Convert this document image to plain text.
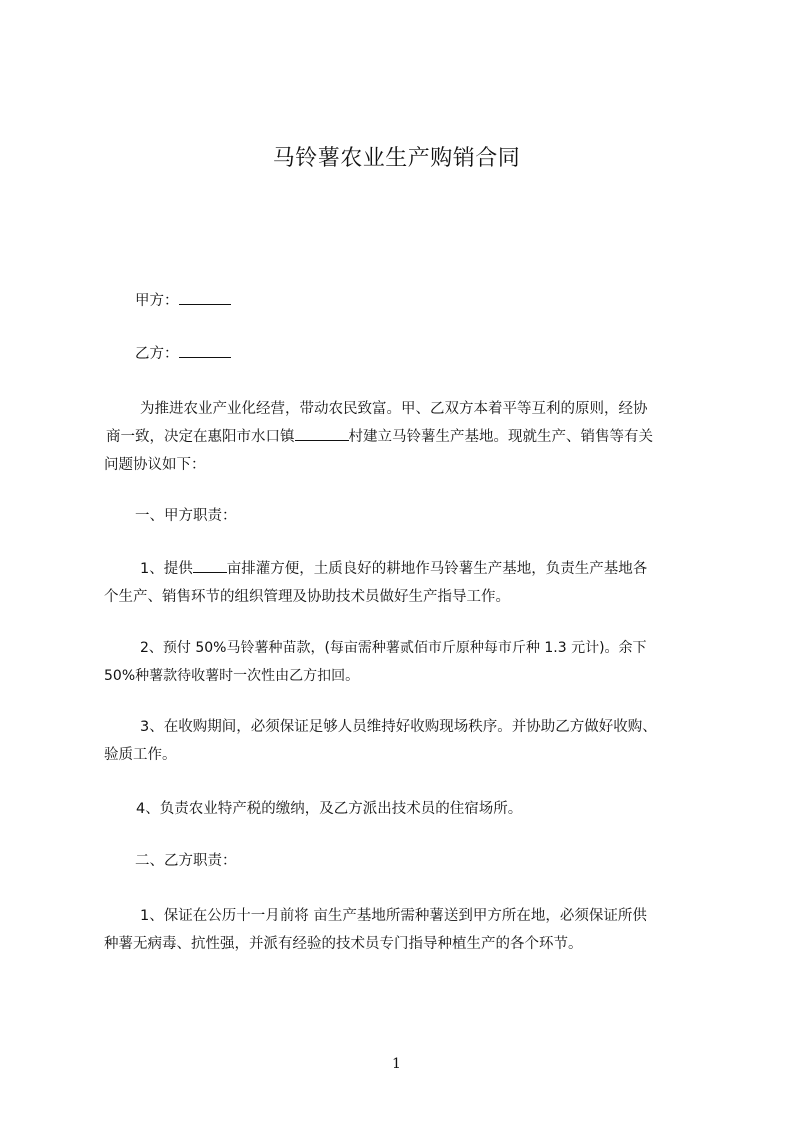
马铃薯农业生产购销合同
甲方：
乙方：
为推进农业产业化经营，带动农民致富。甲、乙双方本着平等互利的原则，经协
商一致，决定在惠阳市水口镇	村建立马铃薯生产基地。现就生产、销售等有关
问题协议如下：
一、甲方职责：
1、提供 亩排灌方便，土质良好的耕地作马铃薯生产基地，负责生产基地各
个生产、销售环节的组织管理及协助技术员做好生产指导工作。
2、预付 50%马铃薯种苗款，(每亩需种薯贰佰市斤原种每市斤种 1.3 元计)。余下
50%种薯款待收薯时一次性由乙方扣回。
3、在收购期间，必须保证足够人员维持好收购现场秩序。并协助乙方做好收购、
验质工作。
4、负责农业特产税的缴纳，及乙方派出技术员的住宿场所。
二、乙方职责：
1、保证在公历十一月前将 亩生产基地所需种薯送到甲方所在地，必须保证所供
种薯无病毒、抗性强，并派有经验的技术员专门指导种植生产的各个环节。
1
